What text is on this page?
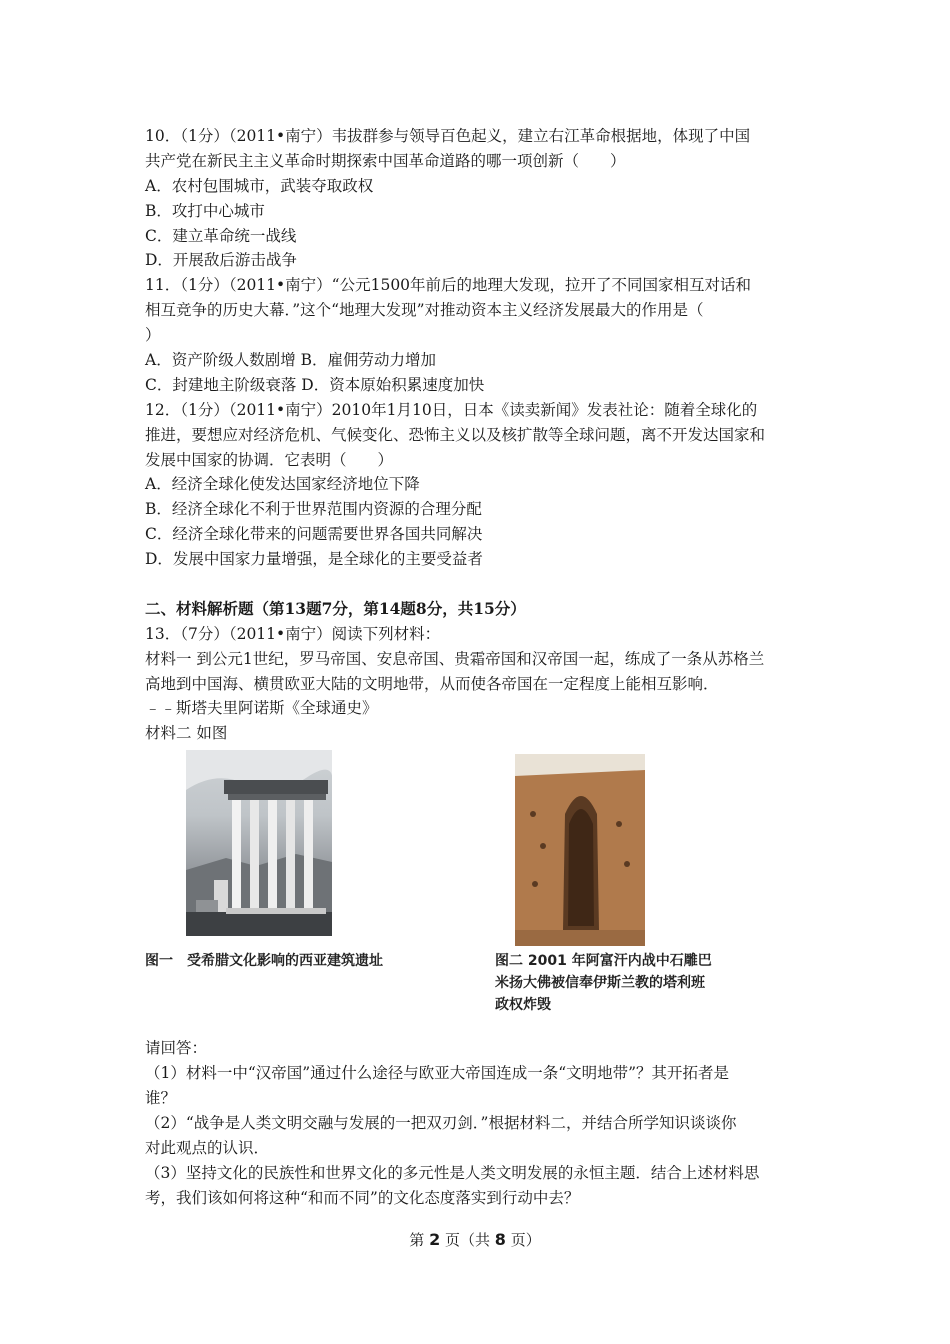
10．（1分）（2011•南宁）韦拔群参与领导百色起义，建立右江革命根据地，体现了中国
共产党在新民主主义革命时期探索中国革命道路的哪一项创新（　　）
A．农村包围城市，武装夺取政权
B．攻打中心城市
C．建立革命统一战线
D．开展敌后游击战争
11．（1分）（2011•南宁）“公元1500年前后的地理大发现，拉开了不同国家相互对话和
相互竞争的历史大幕．”这个“地理大发现”对推动资本主义经济发展最大的作用是（
）
A．资产阶级人数剧增 B．雇佣劳动力增加
C．封建地主阶级衰落 D．资本原始积累速度加快
12．（1分）（2011•南宁）2010年1月10日，日本《读卖新闻》发表社论：随着全球化的
推进，要想应对经济危机、气候变化、恐怖主义以及核扩散等全球问题，离不开发达国家和
发展中国家的协调．它表明（　　）
A．经济全球化使发达国家经济地位下降
B．经济全球化不利于世界范围内资源的合理分配
C．经济全球化带来的问题需要世界各国共同解决
D．发展中国家力量增强，是全球化的主要受益者
二、材料解析题（第13题7分，第14题8分，共15分）
13．（7分）（2011•南宁）阅读下列材料：
材料一 到公元1世纪，罗马帝国、安息帝国、贵霜帝国和汉帝国一起，练成了一条从苏格兰
高地到中国海、横贯欧亚大陆的文明地带，从而使各帝国在一定程度上能相互影响．
﹣﹣斯塔夫里阿诺斯《全球通史》
材料二 如图
图一　受希腊文化影响的西亚建筑遗址	图二 2001 年阿富汗内战中石雕巴
米扬大佛被信奉伊斯兰教的塔利班
政权炸毁
请回答：
（1）材料一中“汉帝国”通过什么途径与欧亚大帝国连成一条“文明地带”？其开拓者是
谁？
（2）“战争是人类文明交融与发展的一把双刃剑．”根据材料二，并结合所学知识谈谈你
对此观点的认识．
（3）坚持文化的民族性和世界文化的多元性是人类文明发展的永恒主题．结合上述材料思
考，我们该如何将这种“和而不同”的文化态度落实到行动中去？
第 2 页（共 8 页）
